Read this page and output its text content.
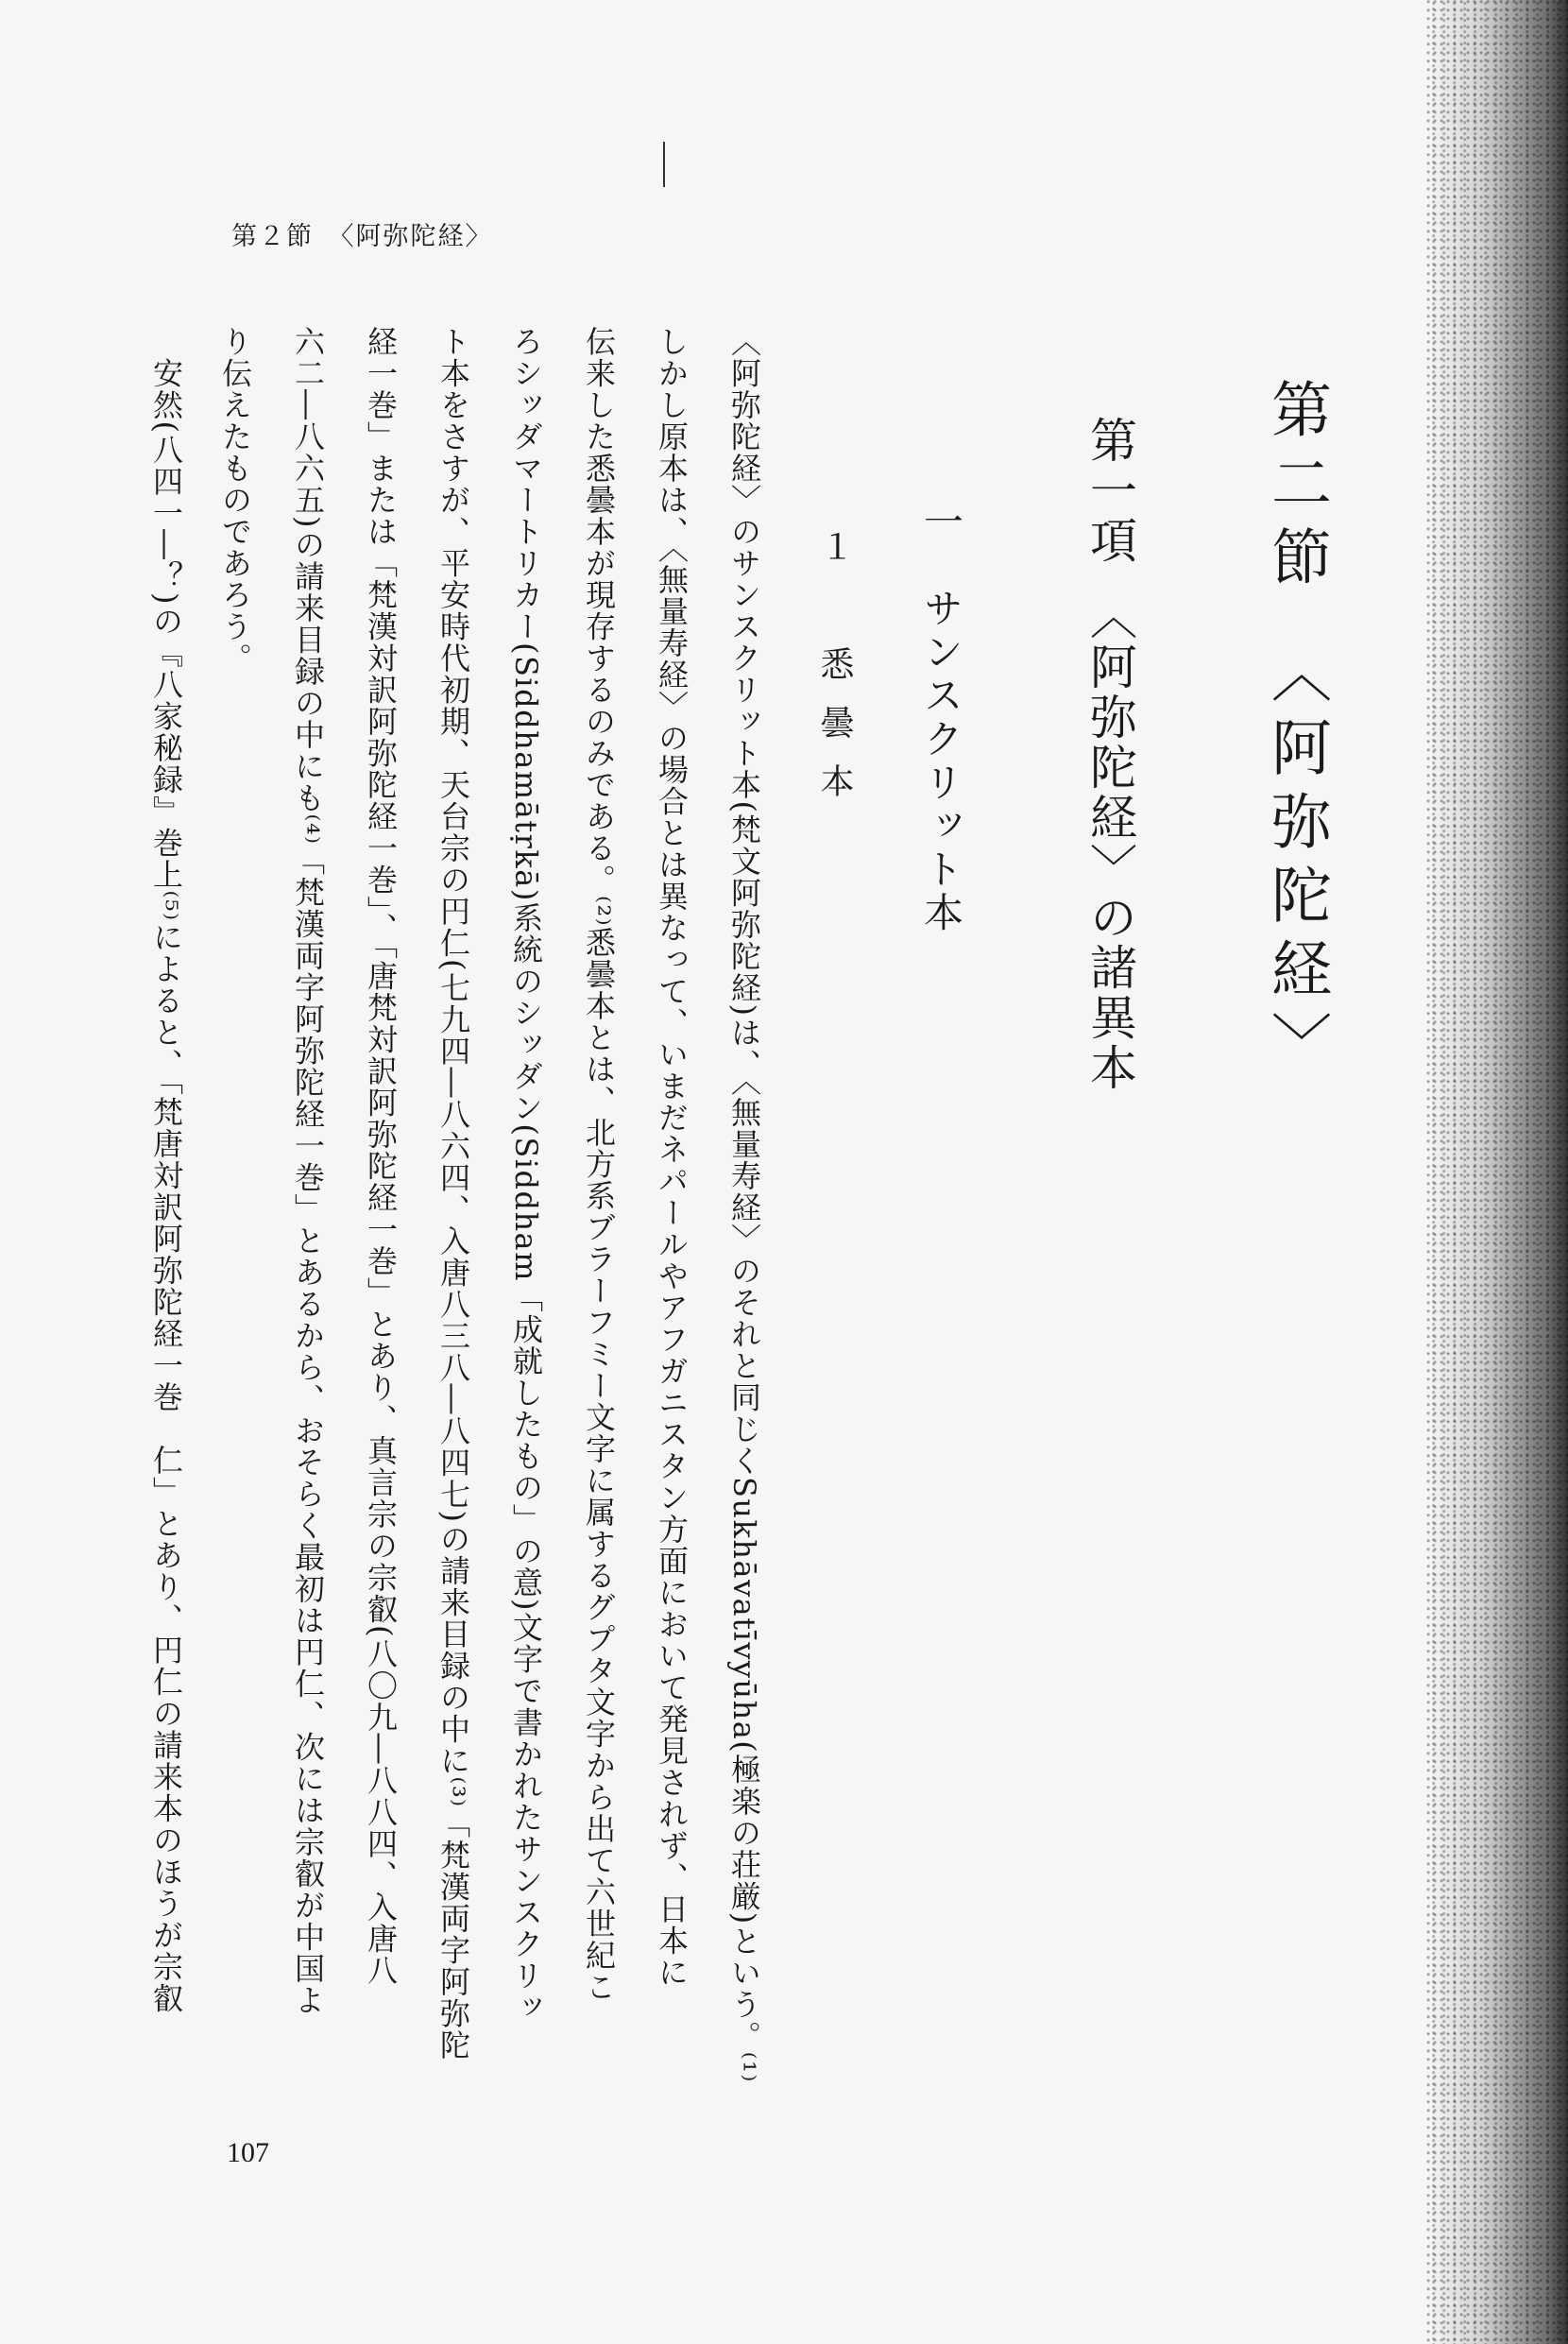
第二節　〈阿弥陀経〉
第一項　〈阿弥陀経〉の諸異本
一　サンスクリット本
１　悉曇本
〈阿弥陀経〉のサンスクリット本(梵文阿弥陀経)は、〈無量寿経〉のそれと同じくSukhāvatīvyūha(極楽の荘厳)という。⁽¹⁾
しかし原本は、〈無量寿経〉の場合とは異なって、いまだネパールやアフガニスタン方面において発見されず、日本に
伝来した悉曇本が現存するのみである。⁽²⁾悉曇本とは、北方系ブラーフミー文字に属するグプタ文字から出て六世紀こ
ろシッダマートリカー(Siddhamātṛkā)系統のシッダン(Siddham「成就したもの」の意)文字で書かれたサンスクリッ
ト本をさすが、平安時代初期、天台宗の円仁(七九四―八六四、入唐八三八―八四七)の請来目録の中に⁽³⁾「梵漢両字阿弥陀
経一巻」または「梵漢対訳阿弥陀経一巻」、「唐梵対訳阿弥陀経一巻」とあり、真言宗の宗叡(八〇九―八八四、入唐八
六二―八六五)の請来目録の中にも⁽⁴⁾「梵漢両字阿弥陀経一巻」とあるから、おそらく最初は円仁、次には宗叡が中国よ
り伝えたものであろう。
　安然(八四一―？)の『八家秘録』巻上⁽⁵⁾によると、「梵唐対訳阿弥陀経一巻　仁」とあり、円仁の請来本のほうが宗叡
第２節　〈阿弥陀経〉
107
